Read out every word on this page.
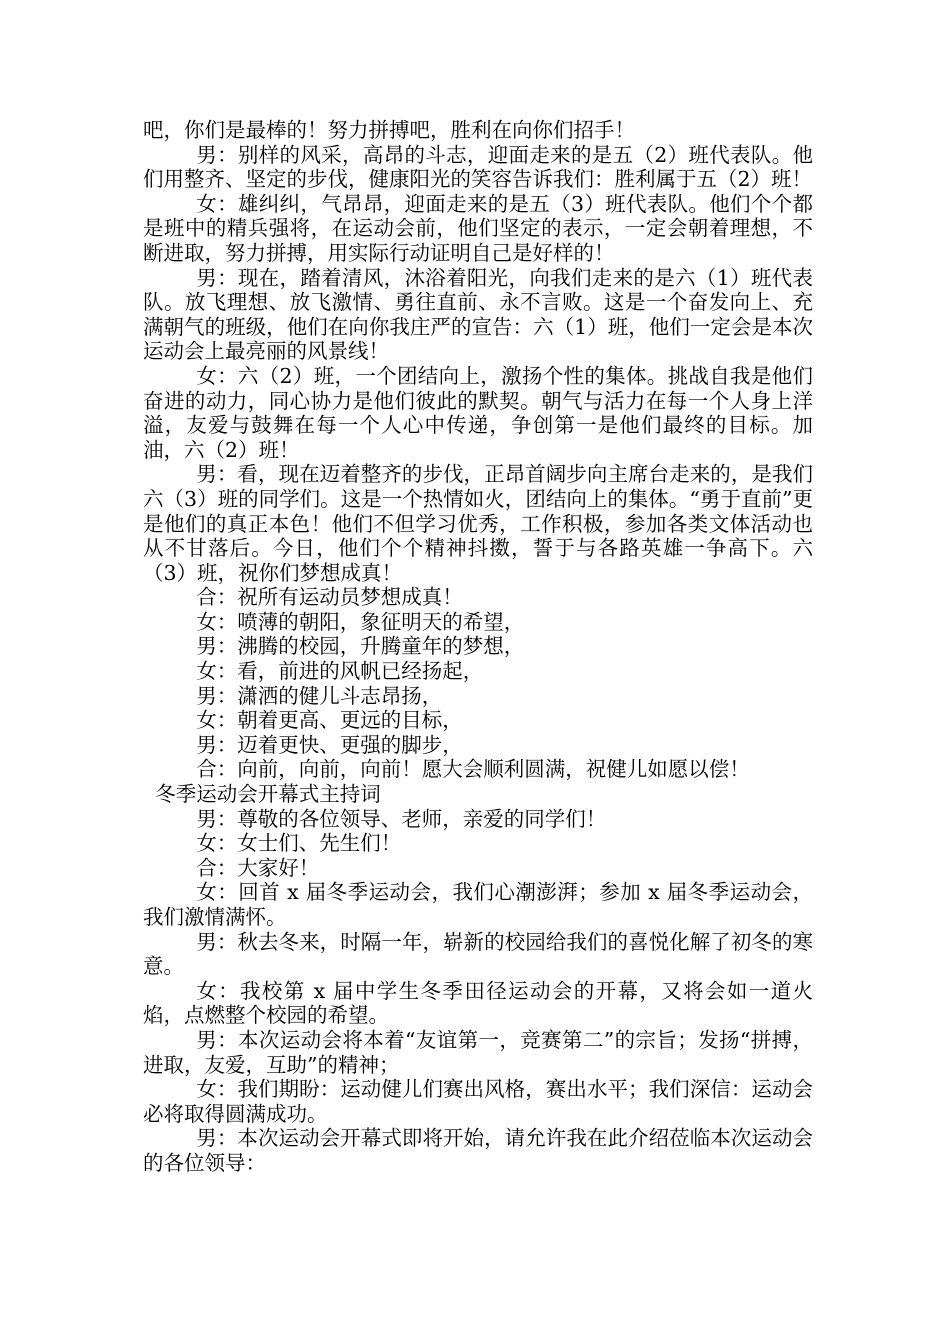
吧，你们是最棒的！努力拼搏吧，胜利在向你们招手！

男：别样的风采，高昂的斗志，迎面走来的是五（2）班代表队。他们用整齐、坚定的步伐，健康阳光的笑容告诉我们：胜利属于五（2）班！

女：雄纠纠，气昂昂，迎面走来的是五（3）班代表队。他们个个都是班中的精兵强将，在运动会前，他们坚定的表示，一定会朝着理想，不断进取，努力拼搏，用实际行动证明自己是好样的！

男：现在，踏着清风，沐浴着阳光，向我们走来的是六（1）班代表队。放飞理想、放飞激情、勇往直前、永不言败。这是一个奋发向上、充满朝气的班级，他们在向你我庄严的宣告：六（1）班，他们一定会是本次运动会上最亮丽的风景线！

女：六（2）班，一个团结向上，激扬个性的集体。挑战自我是他们奋进的动力，同心协力是他们彼此的默契。朝气与活力在每一个人身上洋溢，友爱与鼓舞在每一个人心中传递，争创第一是他们最终的目标。加油，六（2）班！

男：看，现在迈着整齐的步伐，正昂首阔步向主席台走来的，是我们六（3）班的同学们。这是一个热情如火，团结向上的集体。“勇于直前”更是他们的真正本色！他们不但学习优秀，工作积极，参加各类文体活动也从不甘落后。今日，他们个个精神抖擞，誓于与各路英雄一争高下。六（3）班，祝你们梦想成真！

合：祝所有运动员梦想成真！

女：喷薄的朝阳，象征明天的希望，

男：沸腾的校园，升腾童年的梦想，

女：看，前进的风帆已经扬起，

男：潇洒的健儿斗志昂扬，

女：朝着更高、更远的目标，

男：迈着更快、更强的脚步，

合：向前，向前，向前！愿大会顺利圆满，祝健儿如愿以偿！

冬季运动会开幕式主持词

男：尊敬的各位领导、老师，亲爱的同学们！

女：女士们、先生们！

合：大家好！

女：回首 x 届冬季运动会，我们心潮澎湃；参加 x 届冬季运动会，我们激情满怀。

男：秋去冬来，时隔一年，崭新的校园给我们的喜悦化解了初冬的寒意。

女：我校第 x 届中学生冬季田径运动会的开幕，又将会如一道火焰，点燃整个校园的希望。

男：本次运动会将本着“友谊第一，竞赛第二”的宗旨；发扬“拼搏，进取，友爱，互助”的精神；

女：我们期盼：运动健儿们赛出风格，赛出水平；我们深信：运动会必将取得圆满成功。

男：本次运动会开幕式即将开始，请允许我在此介绍莅临本次运动会的各位领导：
